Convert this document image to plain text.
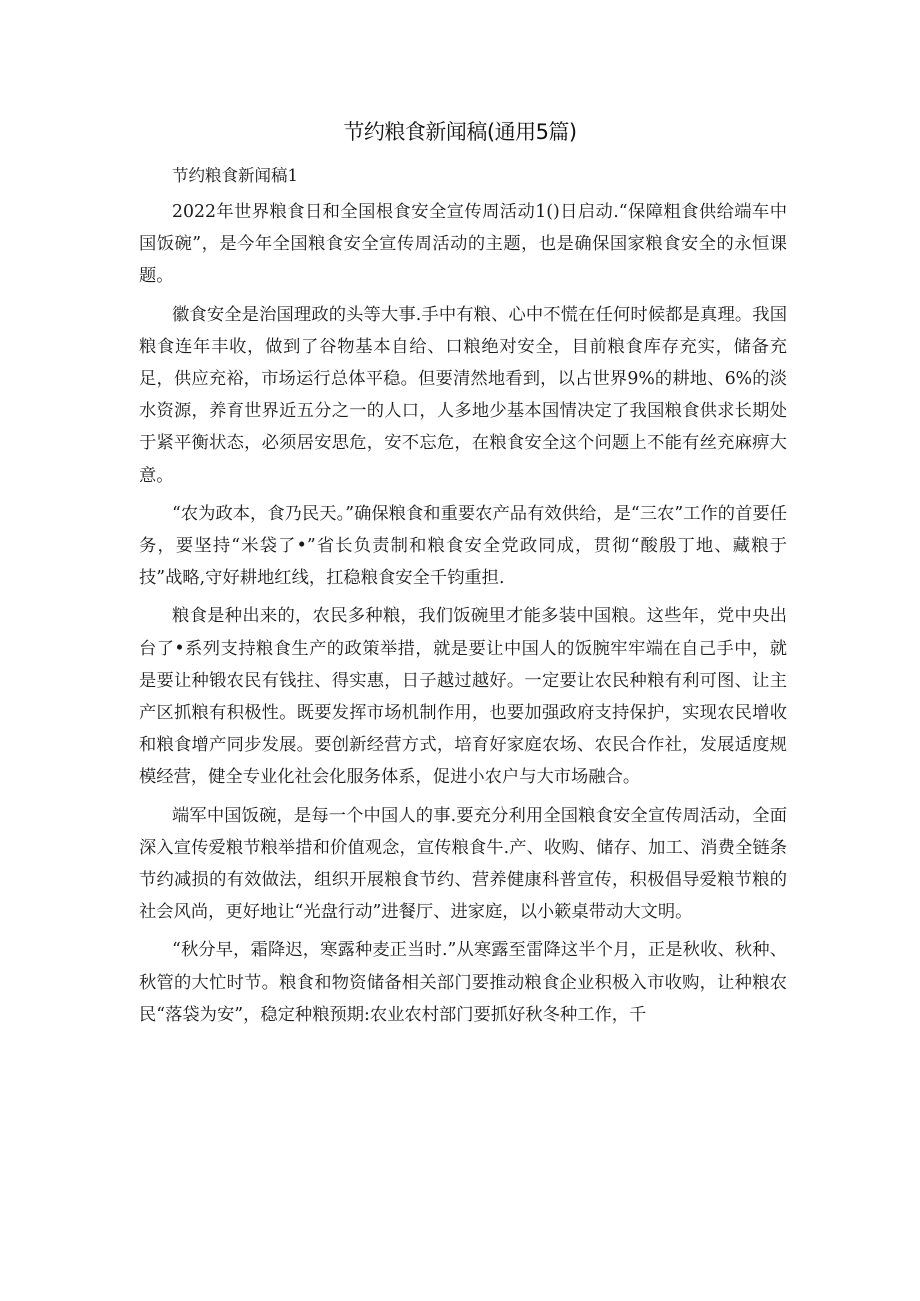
节约粮食新闻稿(通用5篇)
节约粮食新闻稿1

2022年世界粮食日和全国根食安全宣传周活动1()日启动.“保障粗食供给端车中国饭碗”，是今年全国粮食安全宣传周活动的主题，也是确保国家粮食安全的永恒课题。

徽食安全是治国理政的头等大事.手中有粮、心中不慌在任何时候都是真理。我国粮食连年丰收，做到了谷物基本自给、口粮绝对安全，目前粮食库存充实，储备充足，供应充裕，市场运行总体平稳。但要清然地看到，以占世界9%的耕地、6%的淡水资源，养育世界近五分之一的人口，人多地少基本国情决定了我国粮食供求长期处于紧平衡状态，必须居安思危，安不忘危，在粮食安全这个问题上不能有丝充麻痹大意。

“农为政本，食乃民天。”确保粮食和重要农产品有效供给，是“三农”工作的首要任务，要坚持“米袋了•”省长负责制和粮食安全党政同成，贯彻“酸殷丁地、藏粮于技”战略,守好耕地红线，扛稳粮食安全千钧重担.

粮食是种出来的，农民多种粮，我们饭碗里才能多装中国粮。这些年，党中央出台了•系列支持粮食生产的政策举措，就是要让中国人的饭腕牢牢端在自己手中，就是要让种锻农民有钱拄、得实惠，日子越过越好。一定要让农民种粮有利可图、让主产区抓粮有积极性。既要发挥市场机制作用，也要加强政府支持保护，实现农民增收和粮食增产同步发展。要创新经营方式，培育好家庭农场、农民合作社，发展适度规模经营，健全专业化社会化服务体系，促进小农户与大市场融合。

端军中国饭碗，是每一个中国人的事.要充分利用全国粮食安全宣传周活动，全面深入宣传爱粮节粮举措和价值观念，宣传粮食牛.产、收购、储存、加工、消费全链条节约减损的有效做法，组织开展粮食节约、营养健康科普宣传，积极倡导爱粮节粮的社会风尚，更好地让“光盘行动”进餐厅、进家庭，以小簌桌带动大文明。

“秋分早，霜降迟，寒露种麦正当时.”从寒露至雷降这半个月，正是秋收、秋种、秋管的大忙时节。粮食和物资储备相关部门要推动粮食企业积极入市收购，让种粮农民“落袋为安”，稳定种粮预期:农业农村部门要抓好秋冬种工作，千
